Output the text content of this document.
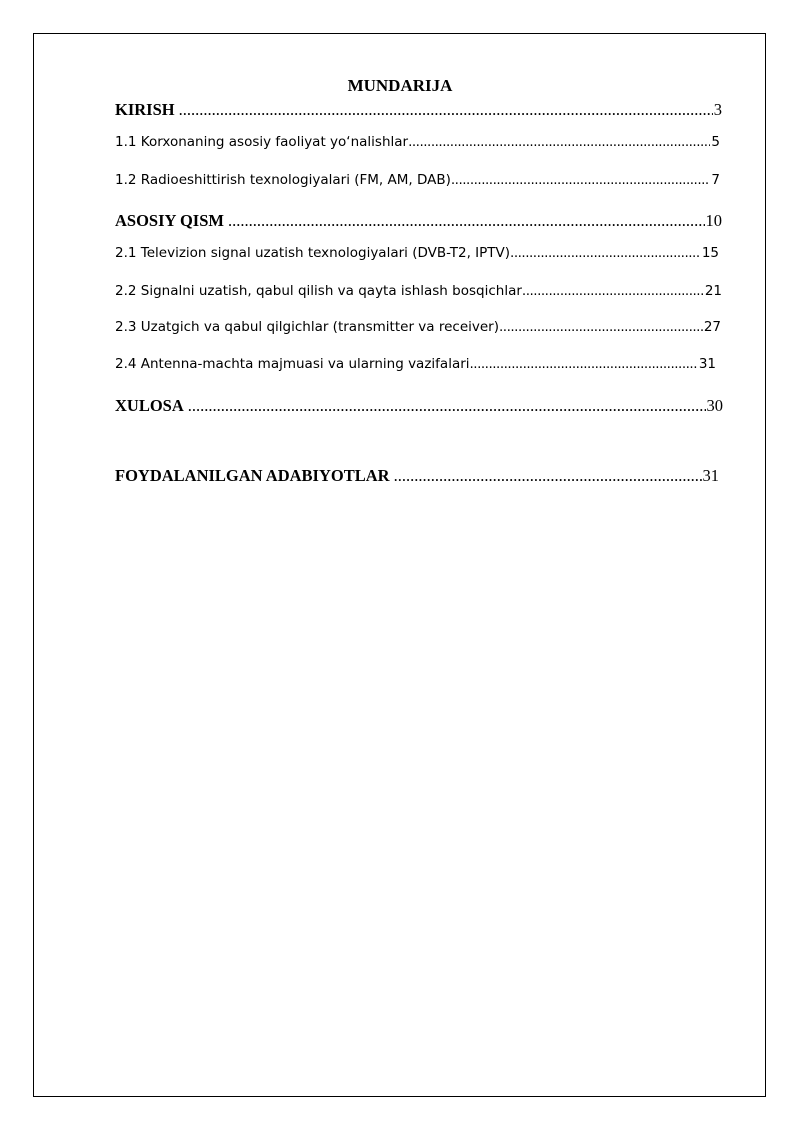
MUNDARIJA
KIRISH .....	3
1.1 Korxonaning asosiy faoliyat yo‘nalishlar .....	5
1.2 Radioeshittirish texnologiyalari (FM, AM, DAB) .....	7
ASOSIY QISM .....	10
2.1 Televizion signal uzatish texnologiyalari (DVB-T2, IPTV) .....	15
2.2 Signalni uzatish, qabul qilish va qayta ishlash bosqichlar .....	21
2.3 Uzatgich va qabul qilgichlar (transmitter va receiver) .....	27
2.4 Antenna-machta majmuasi va ularning vazifalari .....	31
XULOSA .....	30
FOYDALANILGAN ADABIYOTLAR .....	31
